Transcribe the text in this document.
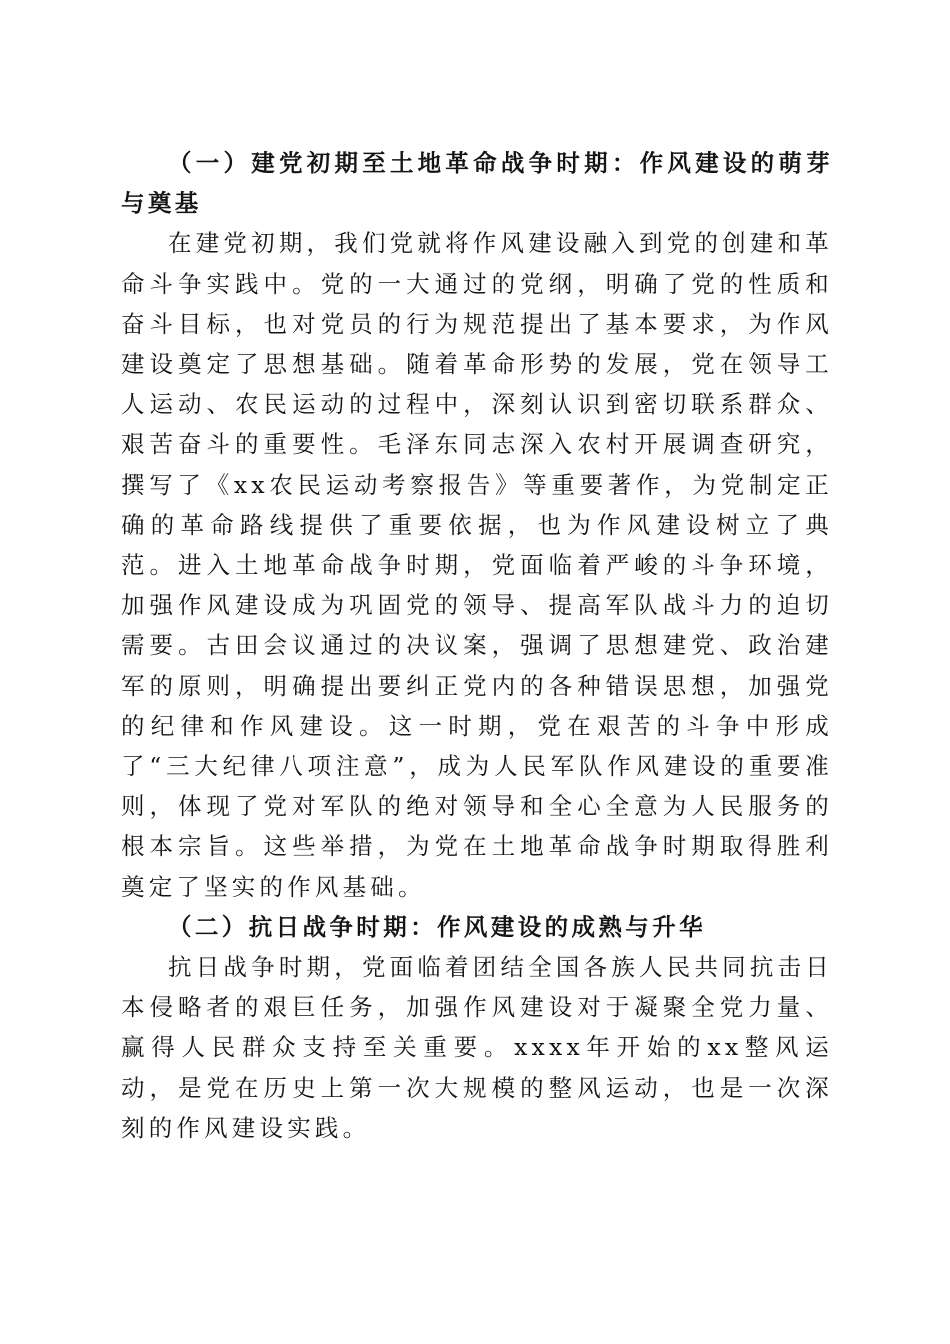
（一）建党初期至土地革命战争时期：作风建设的萌芽与奠基

在建党初期，我们党就将作风建设融入到党的创建和革命斗争实践中。党的一大通过的党纲，明确了党的性质和奋斗目标，也对党员的行为规范提出了基本要求，为作风建设奠定了思想基础。随着革命形势的发展，党在领导工人运动、农民运动的过程中，深刻认识到密切联系群众、艰苦奋斗的重要性。毛泽东同志深入农村开展调查研究，撰写了《xx农民运动考察报告》等重要著作，为党制定正确的革命路线提供了重要依据，也为作风建设树立了典范。进入土地革命战争时期，党面临着严峻的斗争环境，加强作风建设成为巩固党的领导、提高军队战斗力的迫切需要。古田会议通过的决议案，强调了思想建党、政治建军的原则，明确提出要纠正党内的各种错误思想，加强党的纪律和作风建设。这一时期，党在艰苦的斗争中形成了“三大纪律八项注意”，成为人民军队作风建设的重要准则，体现了党对军队的绝对领导和全心全意为人民服务的根本宗旨。这些举措，为党在土地革命战争时期取得胜利奠定了坚实的作风基础。

（二）抗日战争时期：作风建设的成熟与升华

抗日战争时期，党面临着团结全国各族人民共同抗击日本侵略者的艰巨任务，加强作风建设对于凝聚全党力量、赢得人民群众支持至关重要。xxxx年开始的xx整风运动，是党在历史上第一次大规模的整风运动，也是一次深刻的作风建设实践。
